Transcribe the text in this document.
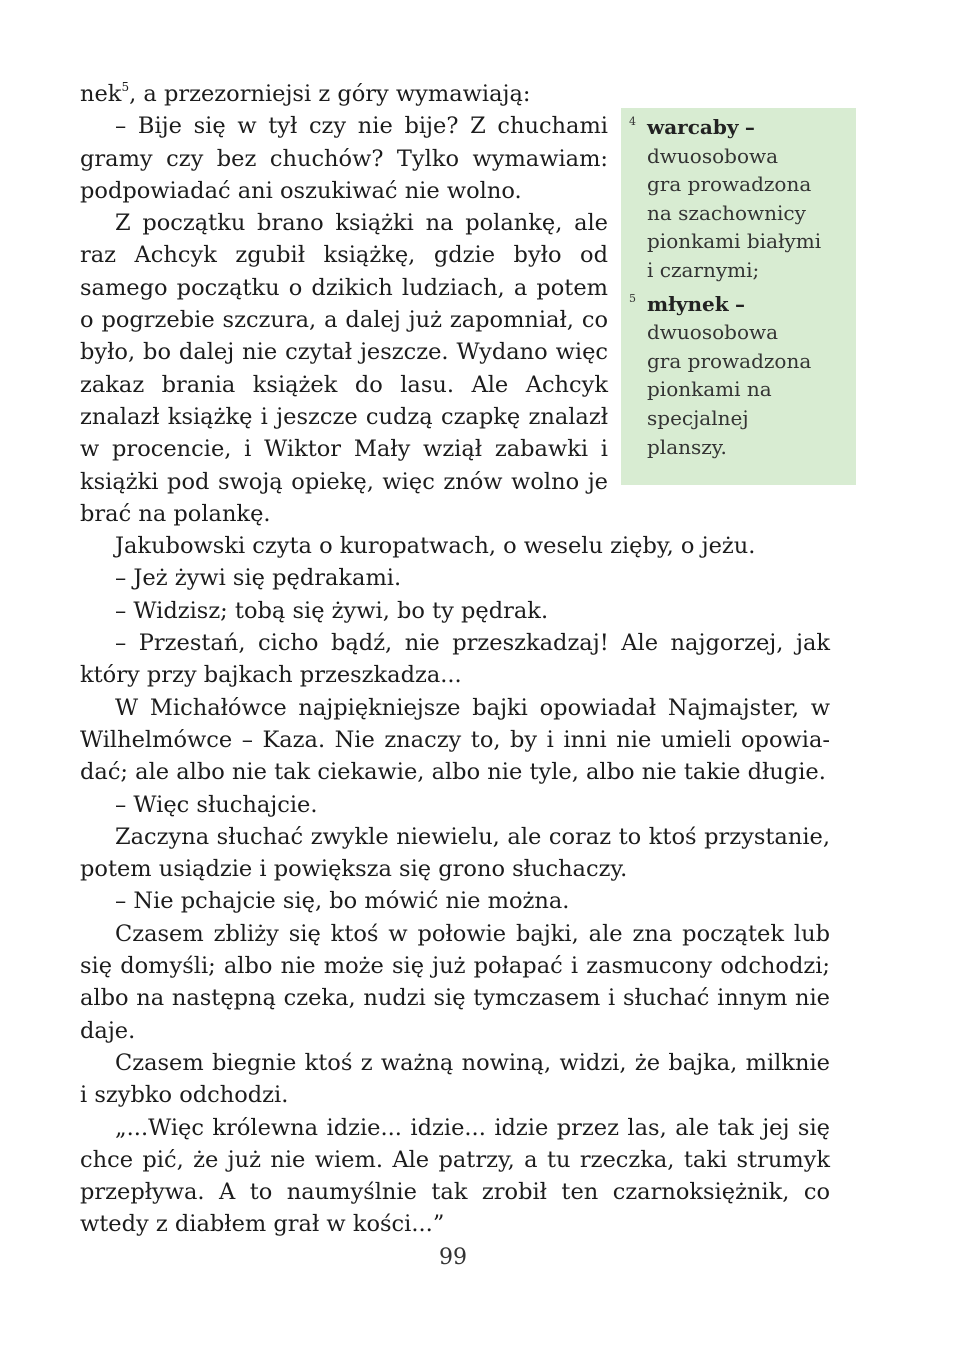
nek$^5$, a przezorniejsi z góry wymawiają:

– Bije się w tył czy nie bije? Z chuchami gramy czy bez chuchów? Tylko wymawiam: podpowiadać ani oszukiwać nie wolno.

Z początku brano książki na polankę, ale raz Achcyk zgubił książkę, gdzie było od samego początku o dzikich ludziach, a potem o pogrzebie szczura, a dalej już zapomniał, co było, bo dalej nie czytał jeszcze. Wydano więc zakaz brania książek do lasu. Ale Achcyk znalazł książkę i jeszcze cudzą czapkę znalazł w procencie, i Wiktor Mały wziął zabawki i książki pod swoją opiekę, więc znów wolno je brać na polankę.

Jakubowski czyta o kuropatwach, o weselu zięby, o jeżu.

– Jeż żywi się pędrakami.

– Widzisz; tobą się żywi, bo ty pędrak.

– Przestań, cicho bądź, nie przeszkadzaj! Ale najgorzej, jak który przy bajkach przeszkadza...

W Michałówce najpiękniejsze bajki opowiadał Najmajster, w Wilhelmówce – Kaza. Nie znaczy to, by i inni nie umieli opowiadać; ale albo nie tak ciekawie, albo nie tyle, albo nie takie długie.

– Więc słuchajcie.

Zaczyna słuchać zwykle niewielu, ale coraz to ktoś przystanie, potem usiądzie i powiększa się grono słuchaczy.

– Nie pchajcie się, bo mówić nie można.

Czasem zbliży się ktoś w połowie bajki, ale zna początek lub się domyśli; albo nie może się już połapać i zasmucony odchodzi; albo na następną czeka, nudzi się tymczasem i słuchać innym nie daje.

Czasem biegnie ktoś z ważną nowiną, widzi, że bajka, milknie i szybko odchodzi.

„...Więc królewna idzie... idzie... idzie przez las, ale tak jej się chce pić, że już nie wiem. Ale patrzy, a tu rzeczka, taki strumyk przepływa. A to naumyślnie tak zrobił ten czarnoksiężnik, co wtedy z diabłem grał w kości...”

4 warcaby –
dwuosobowa
gra prowadzona
na szachownicy
pionkami białymi
i czarnymi;
5 młynek –
dwuosobowa
gra prowadzona
pionkami na
specjalnej
planszy.
99
